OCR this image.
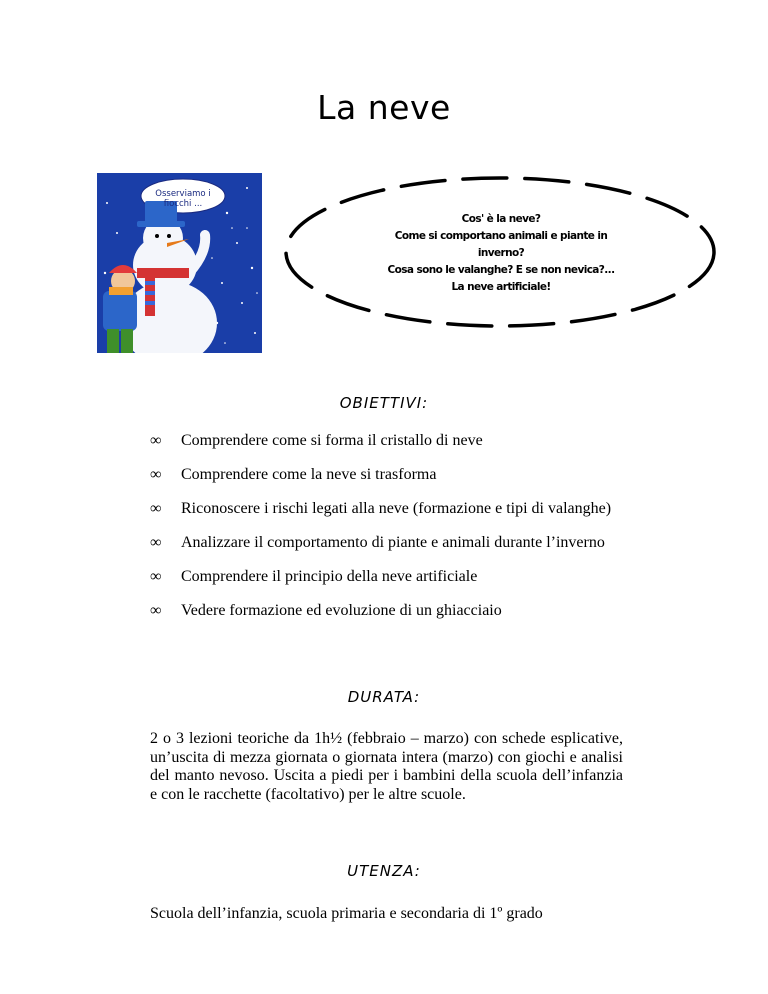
La neve
Osserviamo i fiocchi ...
Cos' è la neve?
Come si comportano animali e piante in
inverno?
Cosa sono le valanghe? E se non nevica?...
La neve artificiale!
OBIETTIVI:
∞ Comprendere come si forma il cristallo di neve
∞ Comprendere come la neve si trasforma
∞ Riconoscere i rischi legati alla neve (formazione e tipi di valanghe)
∞ Analizzare il comportamento di piante e animali durante l’inverno
∞ Comprendere il principio della neve artificiale
∞ Vedere formazione ed evoluzione di un ghiacciaio
DURATA:
2 o 3 lezioni teoriche da 1h½ (febbraio – marzo) con schede esplicative, un’uscita di mezza giornata o giornata intera (marzo) con giochi e analisi del manto nevoso. Uscita a piedi per i bambini della scuola dell’infanzia e con le racchette (facoltativo) per le altre scuole.
UTENZA:
Scuola dell’infanzia, scuola primaria e secondaria di 1º grado
